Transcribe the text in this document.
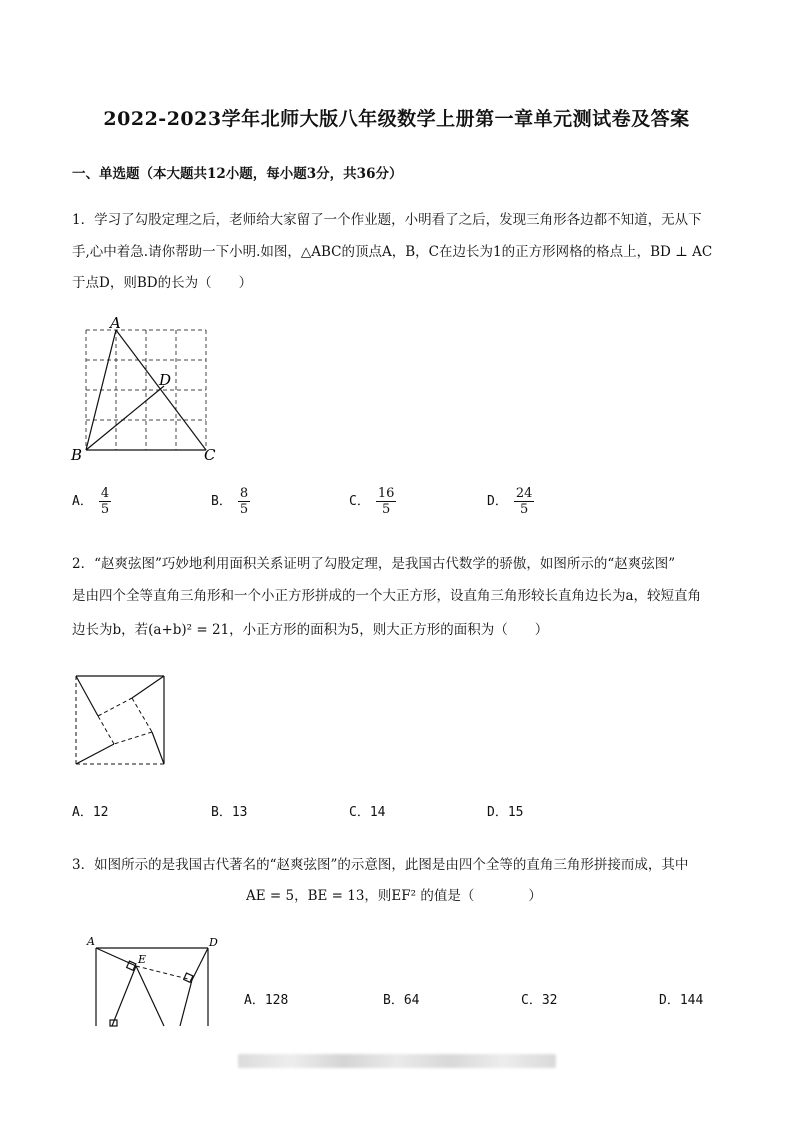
2022-2023学年北师大版八年级数学上册第一章单元测试卷及答案
一、单选题（本大题共12小题，每小题3分，共36分）
1．学习了勾股定理之后，老师给大家留了一个作业题，小明看了之后，发现三角形各边都不知道，无从下
手,心中着急.请你帮助一下小明.如图，△ABC的顶点A，B，C在边长为1的正方形网格的格点上，BD ⊥ AC
于点D，则BD的长为（　　）
A
B	C
D
A． $\frac{4}{5}$	B． $\frac{8}{5}$	C． $\frac{16}{5}$	D． $\frac{24}{5}$
2．“赵爽弦图”巧妙地利用面积关系证明了勾股定理，是我国古代数学的骄傲，如图所示的“赵爽弦图”
是由四个全等直角三角形和一个小正方形拼成的一个大正方形，设直角三角形较长直角边长为a，较短直角
边长为b，若(a+b)² = 21，小正方形的面积为5，则大正方形的面积为（　　）
A．12	B．13	C．14	D．15
3．如图所示的是我国古代著名的“赵爽弦图”的示意图，此图是由四个全等的直角三角形拼接而成，其中
AE = 5，BE = 13，则EF² 的值是（　　　　）
A	D
E
A．128	B．64	C．32	D．144
